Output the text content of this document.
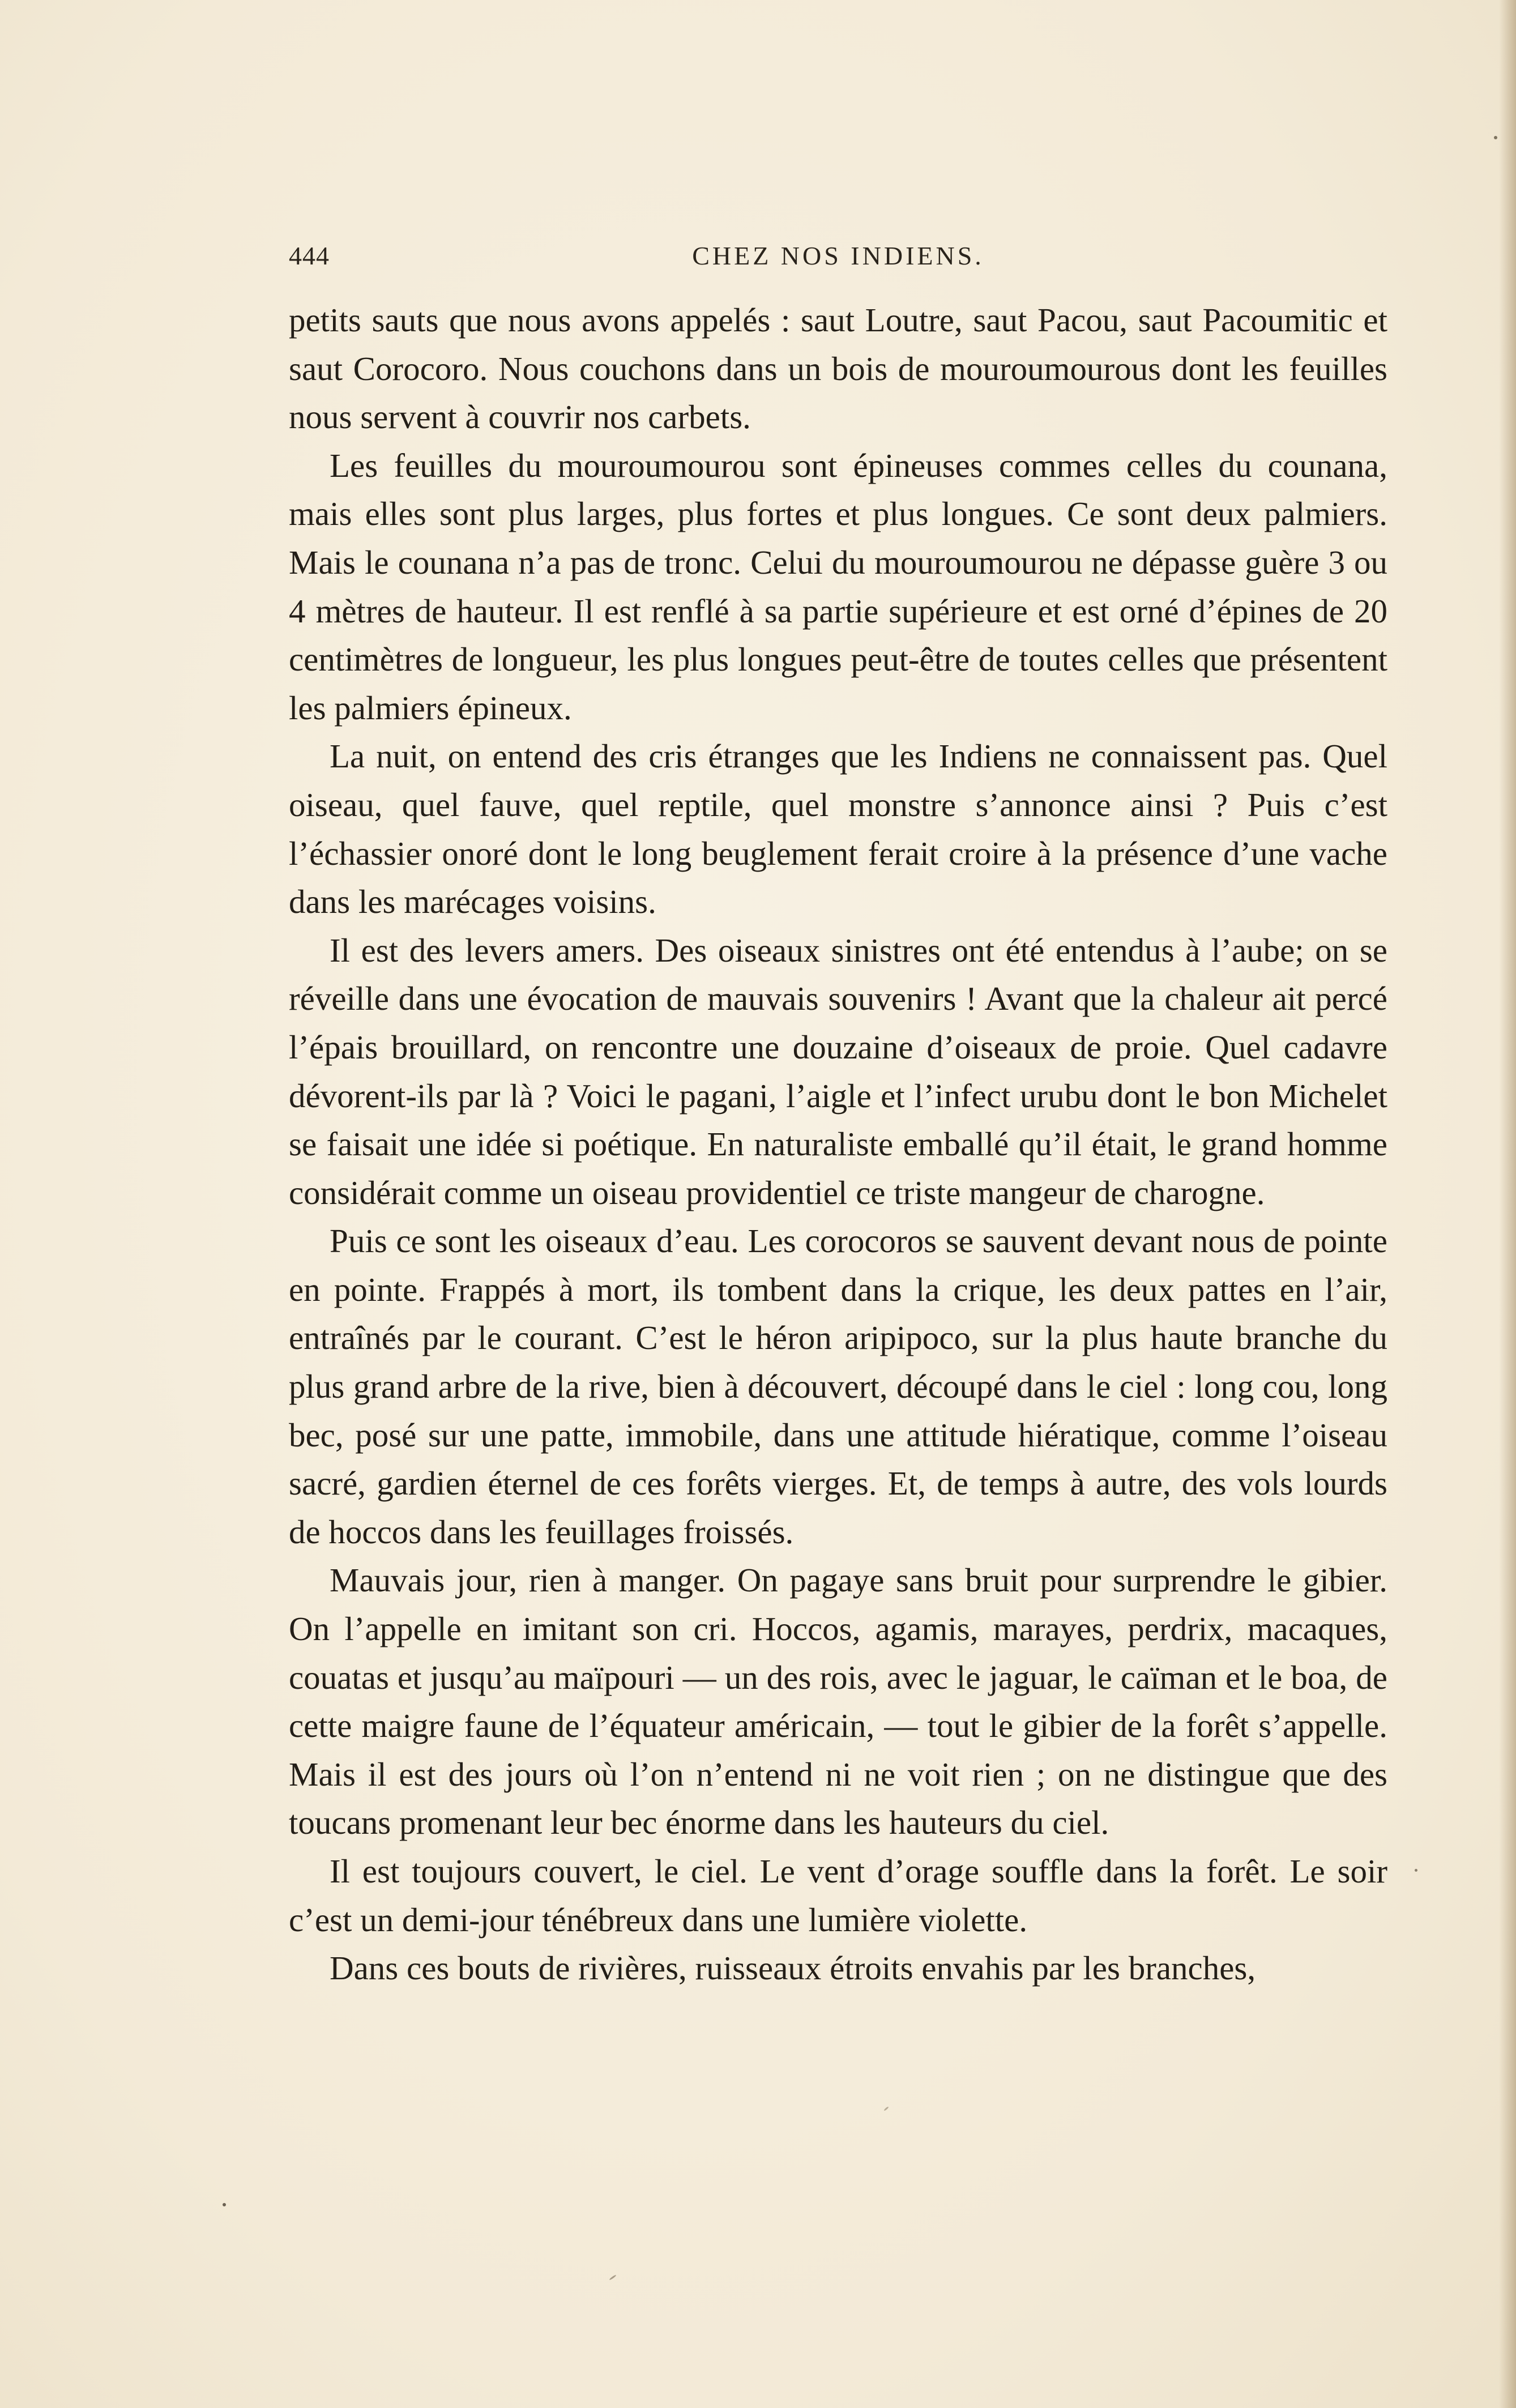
444	CHEZ NOS INDIENS.

petits sauts que nous avons appelés : saut Loutre, saut Pacou, saut Pacoumitic et saut Corocoro. Nous couchons dans un bois de mouroumourous dont les feuilles nous servent à couvrir nos carbets.

Les feuilles du mouroumourou sont épineuses commes celles du counana, mais elles sont plus larges, plus fortes et plus longues. Ce sont deux palmiers. Mais le counana n’a pas de tronc. Celui du mouroumourou ne dépasse guère 3 ou 4 mètres de hauteur. Il est renflé à sa partie supérieure et est orné d’épines de 20 centimètres de longueur, les plus longues peut-être de toutes celles que présentent les palmiers épineux.

La nuit, on entend des cris étranges que les Indiens ne connaissent pas. Quel oiseau, quel fauve, quel reptile, quel monstre s’annonce ainsi ? Puis c’est l’échassier onoré dont le long beuglement ferait croire à la présence d’une vache dans les marécages voisins.

Il est des levers amers. Des oiseaux sinistres ont été entendus à l’aube; on se réveille dans une évocation de mauvais souvenirs ! Avant que la chaleur ait percé l’épais brouillard, on rencontre une douzaine d’oiseaux de proie. Quel cadavre dévorent-ils par là ? Voici le pagani, l’aigle et l’infect urubu dont le bon Michelet se faisait une idée si poétique. En naturaliste emballé qu’il était, le grand homme considérait comme un oiseau providentiel ce triste mangeur de charogne.

Puis ce sont les oiseaux d’eau. Les corocoros se sauvent devant nous de pointe en pointe. Frappés à mort, ils tombent dans la crique, les deux pattes en l’air, entraînés par le courant. C’est le héron aripipoco, sur la plus haute branche du plus grand arbre de la rive, bien à découvert, découpé dans le ciel : long cou, long bec, posé sur une patte, immobile, dans une attitude hiératique, comme l’oiseau sacré, gardien éternel de ces forêts vierges. Et, de temps à autre, des vols lourds de hoccos dans les feuillages froissés.

Mauvais jour, rien à manger. On pagaye sans bruit pour surprendre le gibier. On l’appelle en imitant son cri. Hoccos, agamis, marayes, perdrix, macaques, couatas et jusqu’au maïpouri — un des rois, avec le jaguar, le caïman et le boa, de cette maigre faune de l’équateur américain, — tout le gibier de la forêt s’appelle. Mais il est des jours où l’on n’entend ni ne voit rien ; on ne distingue que des toucans promenant leur bec énorme dans les hauteurs du ciel.

Il est toujours couvert, le ciel. Le vent d’orage souffle dans la forêt. Le soir c’est un demi-jour ténébreux dans une lumière violette.

Dans ces bouts de rivières, ruisseaux étroits envahis par les branches,
